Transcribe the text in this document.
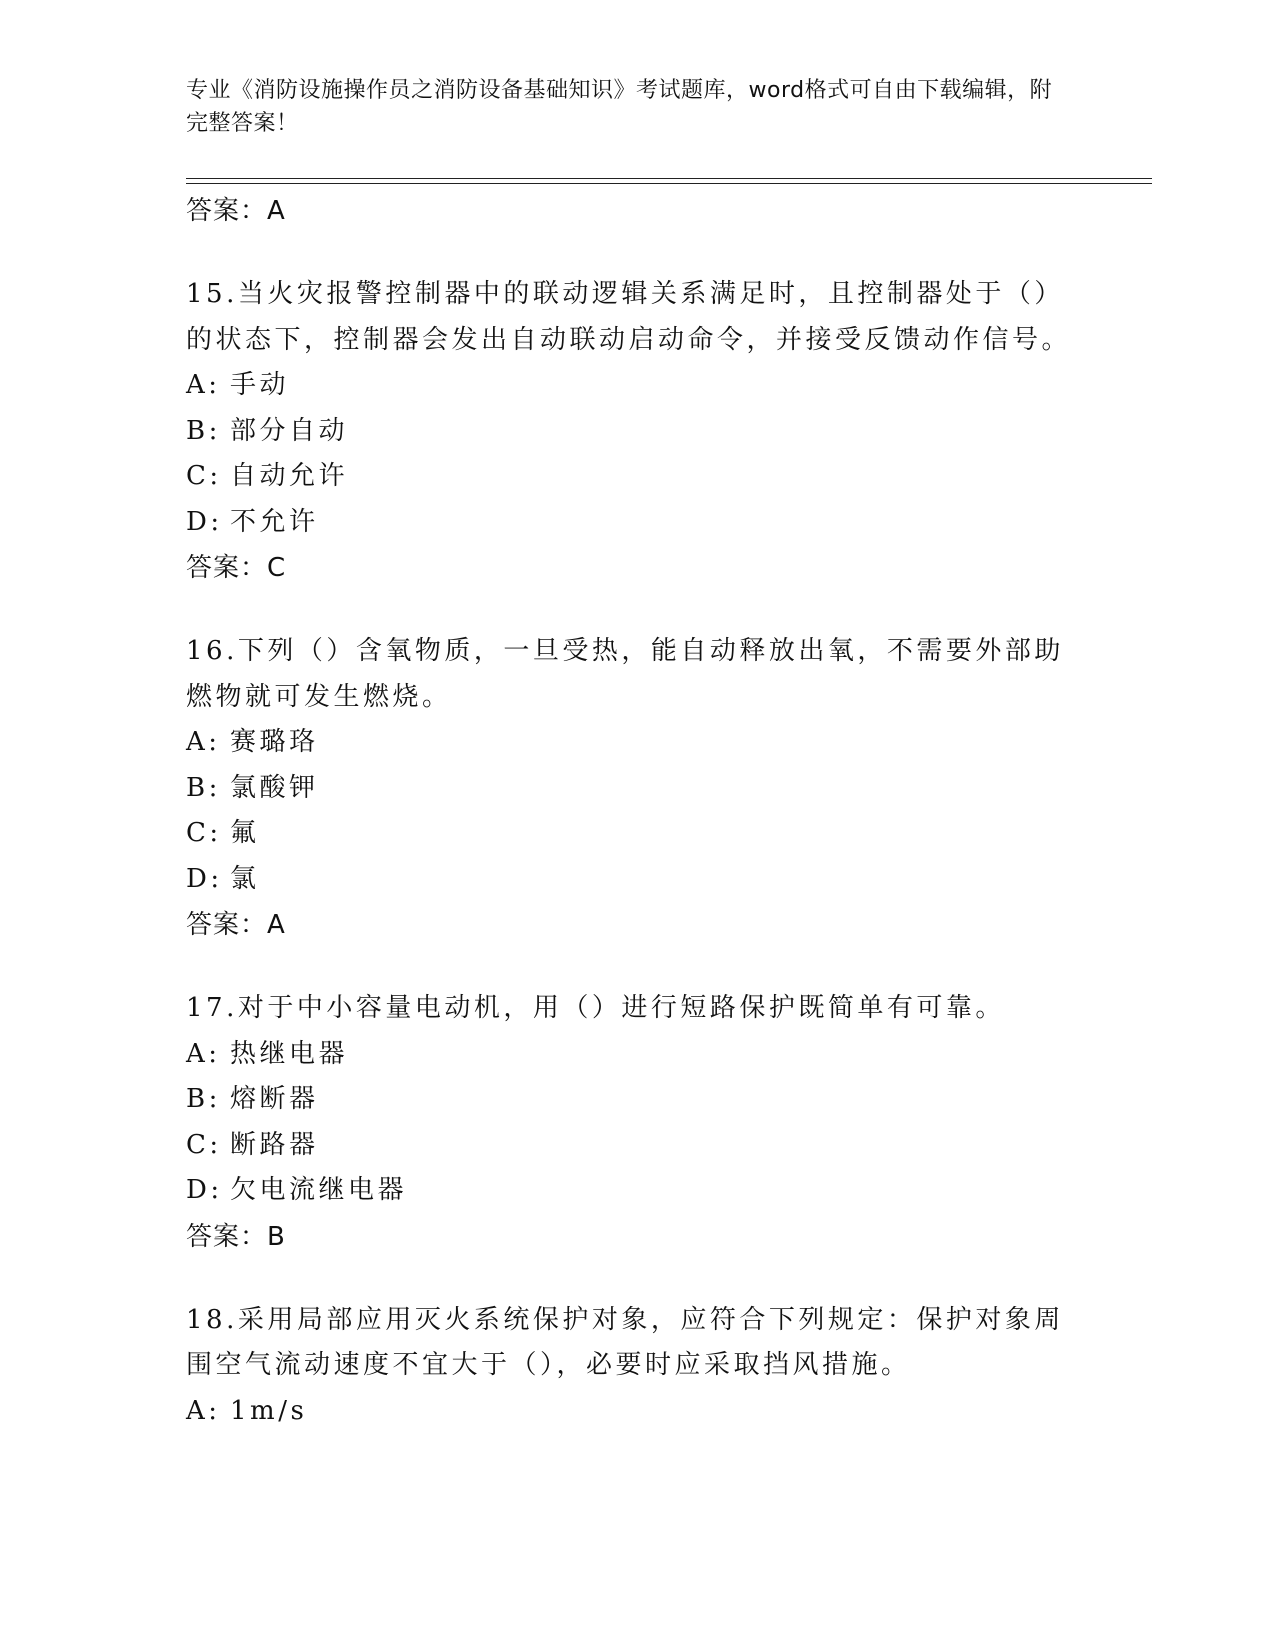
专业《消防设施操作员之消防设备基础知识》考试题库，word格式可自由下载编辑，附完整答案！
答案：A
15.当火灾报警控制器中的联动逻辑关系满足时，且控制器处于（）的状态下，控制器会发出自动联动启动命令，并接受反馈动作信号。
A: 手动
B: 部分自动
C: 自动允许
D: 不允许
答案：C
16.下列（）含氧物质，一旦受热，能自动释放出氧，不需要外部助燃物就可发生燃烧。
A: 赛璐珞
B: 氯酸钾
C: 氟
D: 氯
答案：A
17.对于中小容量电动机，用（）进行短路保护既简单有可靠。
A: 热继电器
B: 熔断器
C: 断路器
D: 欠电流继电器
答案：B
18.采用局部应用灭火系统保护对象，应符合下列规定：保护对象周围空气流动速度不宜大于（），必要时应采取挡风措施。
A: 1m/s
